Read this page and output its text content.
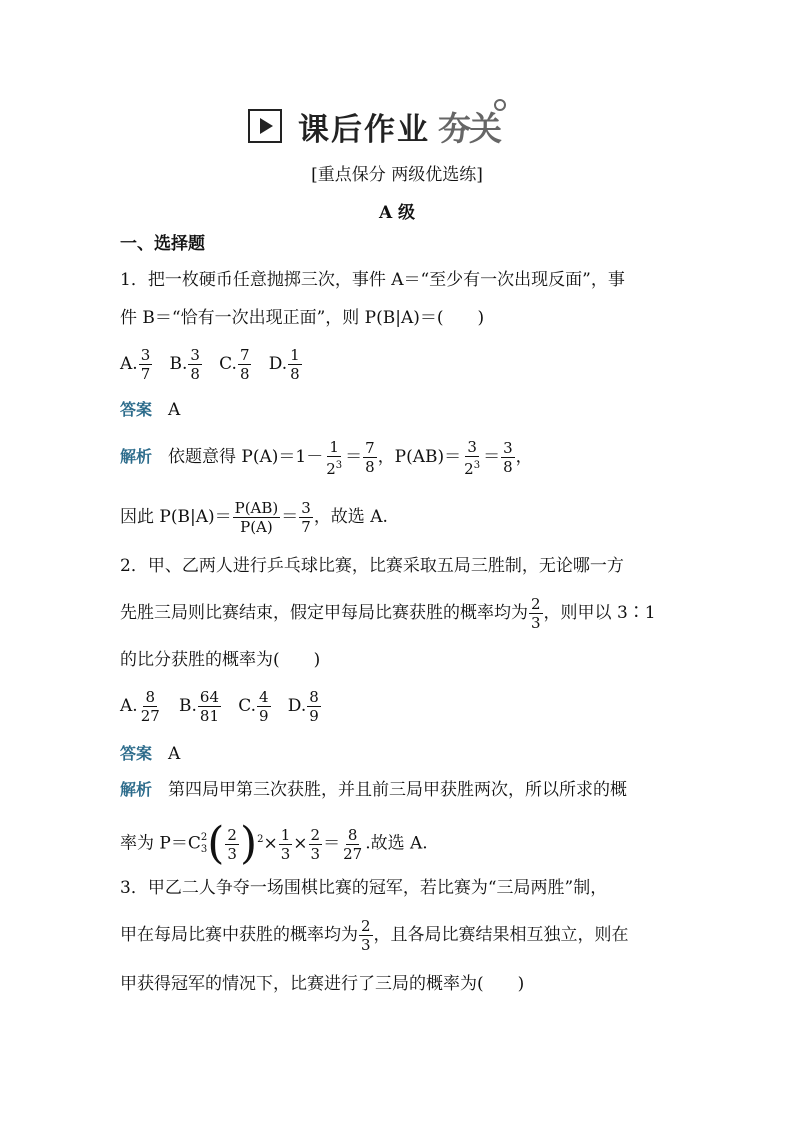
课后作业 夯关
[重点保分 两级优选练]
A 级
一、选择题
1．把一枚硬币任意抛掷三次，事件 A＝“至少有一次出现反面”，事
件 B＝“恰有一次出现正面”，则 P(B|A)＝(　　)
A. $\frac{3}{7} B$. $\frac{3}{8} C$. $\frac{7}{8} D$. $\frac{1}{8}$
答案 A
解析 依题意得 $P(A)=1- \frac{1}{2^3} = \frac{7}{8}$ ，$P(AB)= \frac{3}{2^3} = \frac{3}{8}$ ，
因此 $P(B|A)= \frac{P(AB)}{P(A)} = \frac{3}{7}$ ，故选 A.
2．甲、乙两人进行乒乓球比赛，比赛采取五局三胜制，无论哪一方
先胜三局则比赛结束，假定甲每局比赛获胜的概率均为 $\frac{2}{3}$ ，则甲以 3∶1
的比分获胜的概率为(　　)
A. $\frac{8}{27} B$. $\frac{64}{81} C$. $\frac{4}{9} D$. $\frac{8}{9}$
答案 A
解析 第四局甲第三次获胜，并且前三局甲获胜两次，所以所求的概
率为 P＝C 2
3 ( $\frac{2}{3} )^2\times \frac{1}{3} \times \frac{2}{3} = \frac{8}{27}$ .故选 A.
3．甲乙二人争夺一场围棋比赛的冠军，若比赛为“三局两胜”制，
甲在每局比赛中获胜的概率均为 $\frac{2}{3}$ ，且各局比赛结果相互独立，则在
甲获得冠军的情况下，比赛进行了三局的概率为(　　)
